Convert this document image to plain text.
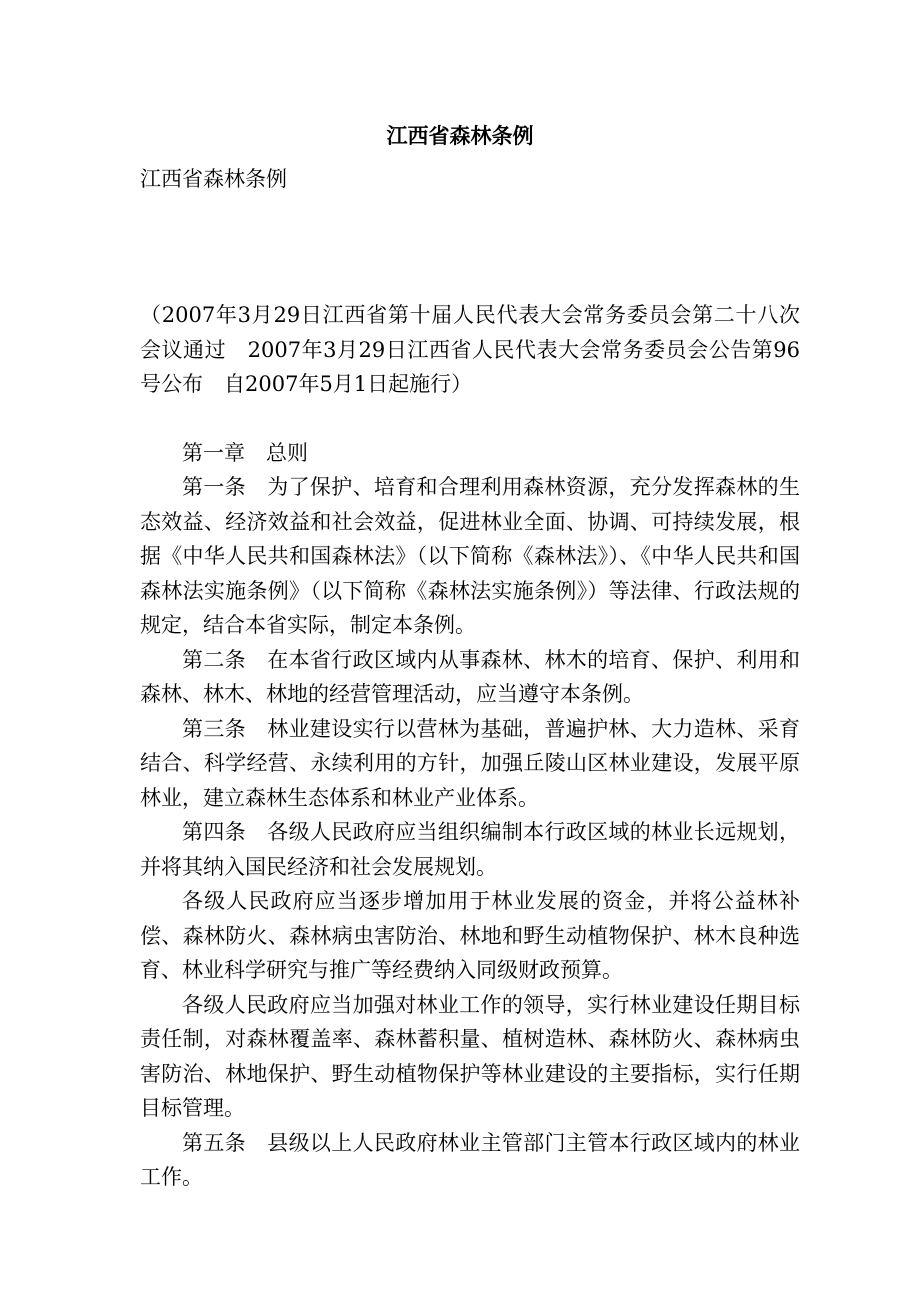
江西省森林条例

江西省森林条例

（2007年3月29日江西省第十届人民代表大会常务委员会第二十八次会议通过　2007年3月29日江西省人民代表大会常务委员会公告第96号公布　自2007年5月1日起施行）

第一章　总则

第一条　为了保护、培育和合理利用森林资源，充分发挥森林的生态效益、经济效益和社会效益，促进林业全面、协调、可持续发展，根据《中华人民共和国森林法》（以下简称《森林法》）、《中华人民共和国森林法实施条例》（以下简称《森林法实施条例》）等法律、行政法规的规定，结合本省实际，制定本条例。

第二条　在本省行政区域内从事森林、林木的培育、保护、利用和森林、林木、林地的经营管理活动，应当遵守本条例。

第三条　林业建设实行以营林为基础，普遍护林、大力造林、采育结合、科学经营、永续利用的方针，加强丘陵山区林业建设，发展平原林业，建立森林生态体系和林业产业体系。

第四条　各级人民政府应当组织编制本行政区域的林业长远规划，并将其纳入国民经济和社会发展规划。

各级人民政府应当逐步增加用于林业发展的资金，并将公益林补偿、森林防火、森林病虫害防治、林地和野生动植物保护、林木良种选育、林业科学研究与推广等经费纳入同级财政预算。

各级人民政府应当加强对林业工作的领导，实行林业建设任期目标责任制，对森林覆盖率、森林蓄积量、植树造林、森林防火、森林病虫害防治、林地保护、野生动植物保护等林业建设的主要指标，实行任期目标管理。

第五条　县级以上人民政府林业主管部门主管本行政区域内的林业工作。
